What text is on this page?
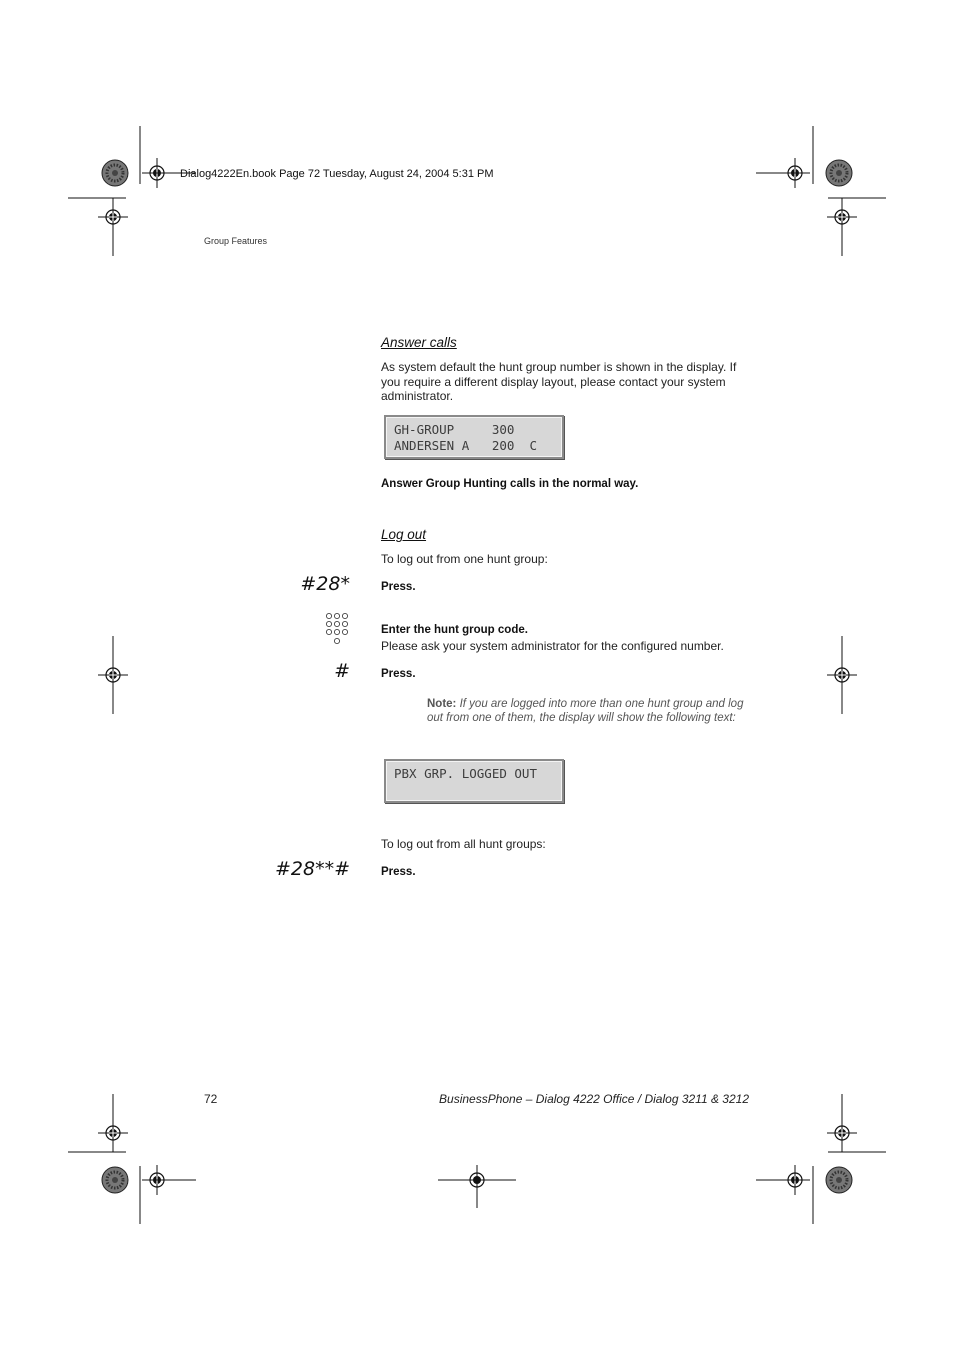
Dialog4222En.book Page 72 Tuesday, August 24, 2004 5:31 PM
Group Features
Answer calls
As system default the hunt group number is shown in the display. If you require a different display layout, please contact your system administrator.
GH-GROUP     300
ANDERSEN A   200  C
Answer Group Hunting calls in the normal way.
Log out
To log out from one hunt group:
#28*	Press.
Enter the hunt group code.
Please ask your system administrator for the configured number.
#	Press.
Note: If you are logged into more than one hunt group and log out from one of them, the display will show the following text:
PBX GRP. LOGGED OUT
To log out from all hunt groups:
#28**#	Press.
72	BusinessPhone – Dialog 4222 Office / Dialog 3211 & 3212
